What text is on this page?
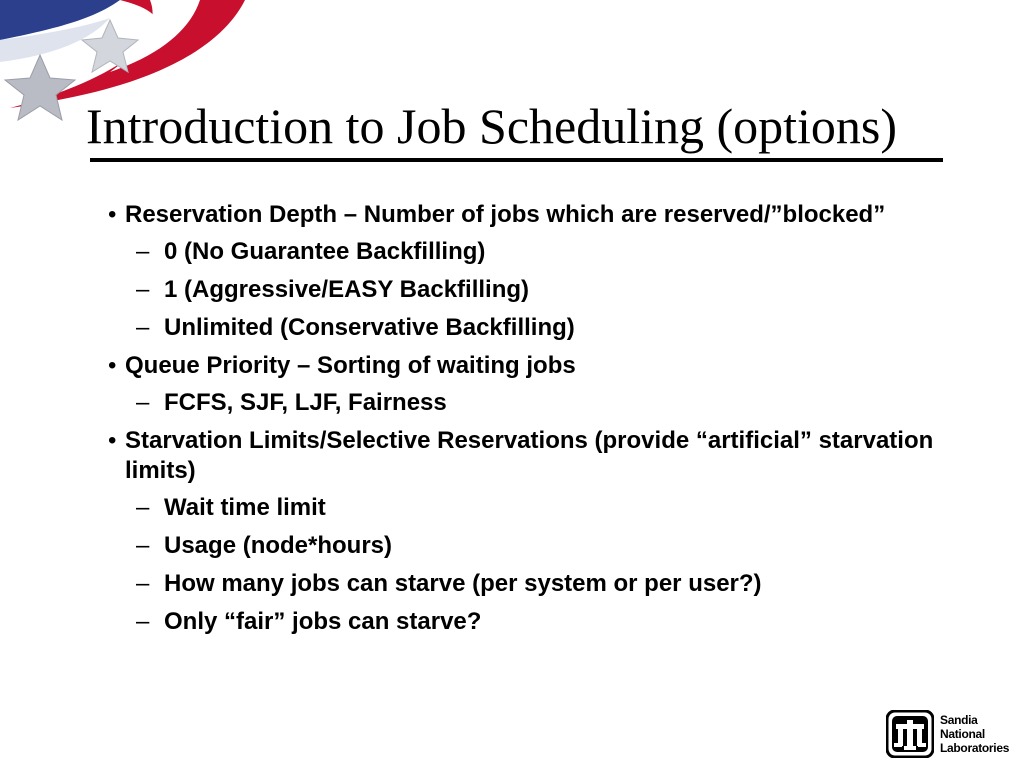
Introduction to Job Scheduling (options)
• Reservation Depth – Number of jobs which are reserved/”blocked”
– 0 (No Guarantee Backfilling)
– 1 (Aggressive/EASY Backfilling)
– Unlimited (Conservative Backfilling)
• Queue Priority – Sorting of waiting jobs
– FCFS, SJF, LJF, Fairness
• Starvation Limits/Selective Reservations (provide “artificial” starvation limits)
– Wait time limit
– Usage (node*hours)
– How many jobs can starve (per system or per user?)
– Only “fair” jobs can starve?
Sandia
National
Laboratories
